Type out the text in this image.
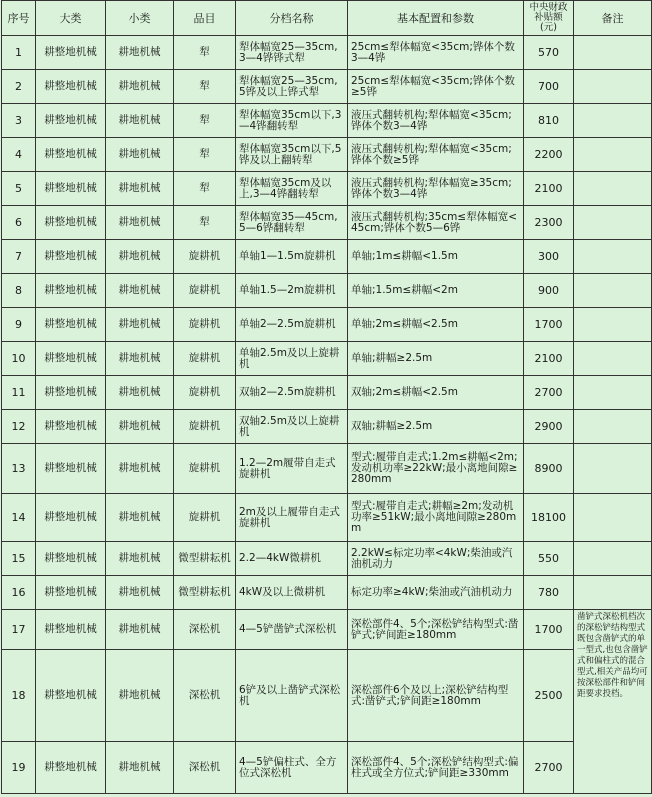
序号	大类	小类	品目	分档名称	基本配置和参数	中央财政补贴额(元)	备注
1	耕整地机械	耕地机械	犁	犁体幅宽25—35cm,3—4铧铧式犁	25cm≤犁体幅宽<35cm;铧体个数3—4铧	570	
2	耕整地机械	耕地机械	犁	犁体幅宽25—35cm,5铧及以上铧式犁	25cm≤犁体幅宽<35cm;铧体个数≥5铧	700	
3	耕整地机械	耕地机械	犁	犁体幅宽35cm以下,3—4铧翻转犁	液压式翻转机构;犁体幅宽<35cm;铧体个数3—4铧	810	
4	耕整地机械	耕地机械	犁	犁体幅宽35cm以下,5铧及以上翻转犁	液压式翻转机构;犁体幅宽<35cm;铧体个数≥5铧	2200	
5	耕整地机械	耕地机械	犁	犁体幅宽35cm及以上,3—4铧翻转犁	液压式翻转机构;犁体幅宽≥35cm;铧体个数3—4铧	2100	
6	耕整地机械	耕地机械	犁	犁体幅宽35—45cm,5—6铧翻转犁	液压式翻转机构;35cm≤犁体幅宽<45cm;铧体个数5—6铧	2300	
7	耕整地机械	耕地机械	旋耕机	单轴1—1.5m旋耕机	单轴;1m≤耕幅<1.5m	300	
8	耕整地机械	耕地机械	旋耕机	单轴1.5—2m旋耕机	单轴;1.5m≤耕幅<2m	900	
9	耕整地机械	耕地机械	旋耕机	单轴2—2.5m旋耕机	单轴;2m≤耕幅<2.5m	1700	
10	耕整地机械	耕地机械	旋耕机	单轴2.5m及以上旋耕机	单轴;耕幅≥2.5m	2100	
11	耕整地机械	耕地机械	旋耕机	双轴2—2.5m旋耕机	双轴;2m≤耕幅<2.5m	2700	
12	耕整地机械	耕地机械	旋耕机	双轴2.5m及以上旋耕机	双轴;耕幅≥2.5m	2900	
13	耕整地机械	耕地机械	旋耕机	1.2—2m履带自走式旋耕机	型式:履带自走式;1.2m≤耕幅<2m;发动机功率≥22kW;最小离地间隙≥280mm	8900	
14	耕整地机械	耕地机械	旋耕机	2m及以上履带自走式旋耕机	型式:履带自走式;耕幅≥2m;发动机功率≥51kW;最小离地间隙≥280mm	18100	
15	耕整地机械	耕地机械	微型耕耘机	2.2—4kW微耕机	2.2kW≤标定功率<4kW;柴油或汽油机动力	550	
16	耕整地机械	耕地机械	微型耕耘机	4kW及以上微耕机	标定功率≥4kW;柴油或汽油机动力	780	
17	耕整地机械	耕地机械	深松机	4—5铲凿铲式深松机	深松部件4、5个;深松铲结构型式:凿铲式;铲间距≥180mm	1700	凿铲式深松机档次的深松铲结构型式既包含凿铲式的单一型式,也包含凿铲式和偏柱式的混合型式,相关产品均可按深松部件和铲间距要求投档。
18	耕整地机械	耕地机械	深松机	6铲及以上凿铲式深松机	深松部件6个及以上;深松铲结构型式:凿铲式;铲间距≥180mm	2500	
19	耕整地机械	耕地机械	深松机	4—5铲偏柱式、全方位式深松机	深松部件4、5个;深松铲结构型式:偏柱式或全方位式;铲间距≥330mm	2700	
